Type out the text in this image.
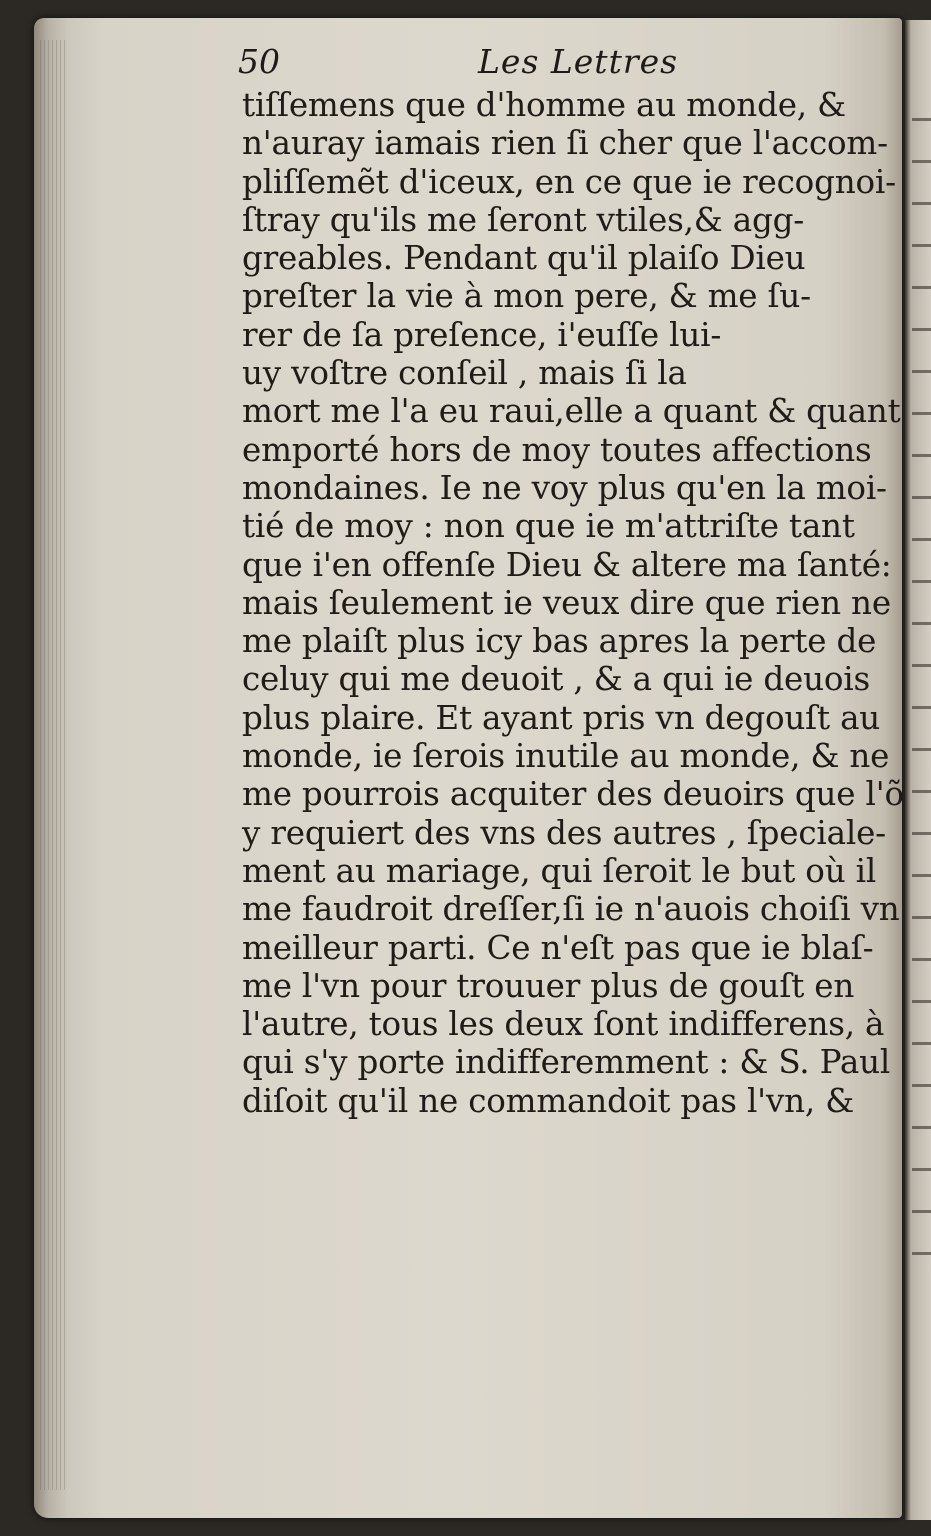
50	Les Lettres
tiſſemens que d'homme au monde, &
n'auray iamais rien ſi cher que l'accom-
pliſſemẽt d'iceux, en ce que ie recognoi-
ſtray qu'ils me ſeront vtiles,& agg-
greables. Pendant qu'il plaiſo Dieu
preſter la vie à mon pere, & me ſu-
rer de ſa preſence, i'euſſe lui-
uy voſtre conſeil , mais ſi la
mort me l'a eu raui,elle a quant & quant
emporté hors de moy toutes affections
mondaines. Ie ne voy plus qu'en la moi-
tié de moy : non que ie m'attriſte tant
que i'en offenſe Dieu & altere ma ſanté:
mais ſeulement ie veux dire que rien ne
me plaiſt plus icy bas apres la perte de
celuy qui me deuoit , & a qui ie deuois
plus plaire. Et ayant pris vn degouſt au
monde, ie ſerois inutile au monde, & ne
me pourrois acquiter des deuoirs que l'õ
y requiert des vns des autres , ſpeciale-
ment au mariage, qui ſeroit le but où il
me faudroit dreſſer,ſi ie n'auois choiſi vn
meilleur parti. Ce n'eſt pas que ie blaſ-
me l'vn pour trouuer plus de gouſt en
l'autre, tous les deux ſont indifferens, à
qui s'y porte indifferemment : & S. Paul
diſoit qu'il ne commandoit pas l'vn, &
